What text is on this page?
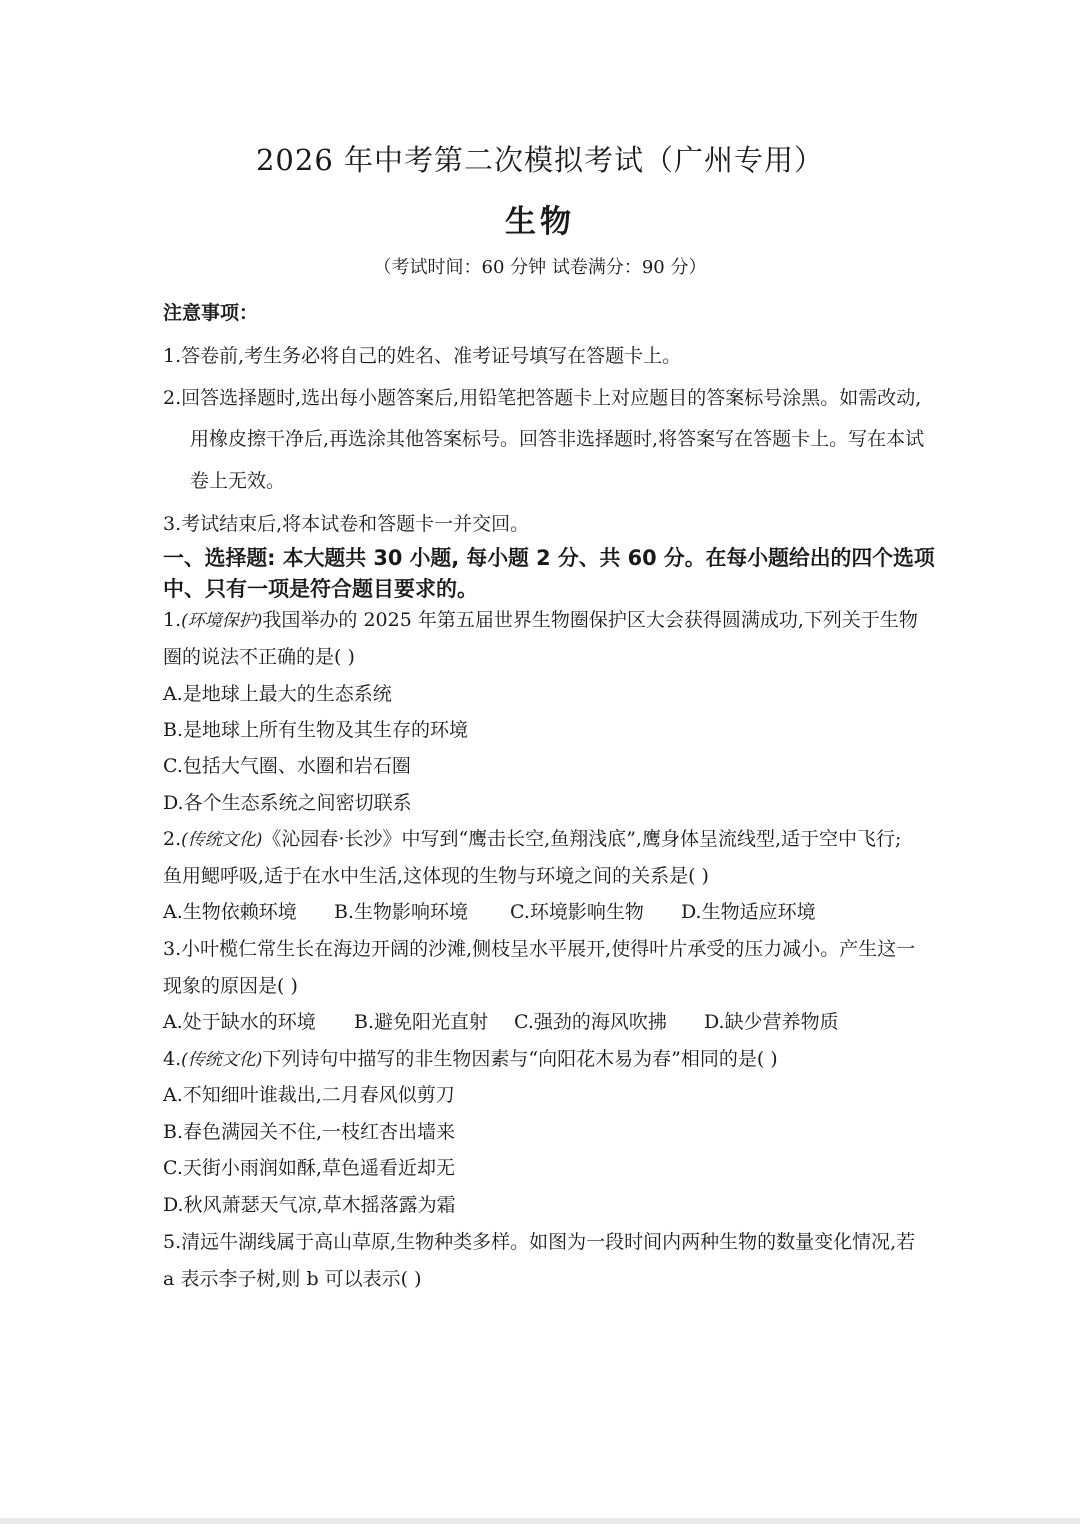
2026 年中考第二次模拟考试（广州专用）
生物
（考试时间：60 分钟 试卷满分：90 分）
注意事项：
1.答卷前,考生务必将自己的姓名、准考证号填写在答题卡上。
2.回答选择题时,选出每小题答案后,用铅笔把答题卡上对应题目的答案标号涂黑。如需改动,
用橡皮擦干净后,再选涂其他答案标号。回答非选择题时,将答案写在答题卡上。写在本试
卷上无效。
3.考试结束后,将本试卷和答题卡一并交回。
一、选择题: 本大题共 30 小题, 每小题 2 分、共 60 分。在每小题给出的四个选项
中、只有一项是符合题目要求的。
1.(环境保护)我国举办的 2025 年第五届世界生物圈保护区大会获得圆满成功,下列关于生物
圈的说法不正确的是( )
A.是地球上最大的生态系统
B.是地球上所有生物及其生存的环境
C.包括大气圈、水圈和岩石圈
D.各个生态系统之间密切联系
2.(传统文化)《沁园春·长沙》中写到“鹰击长空,鱼翔浅底”,鹰身体呈流线型,适于空中飞行;
鱼用鳃呼吸,适于在水中生活,这体现的生物与环境之间的关系是( )
A.生物依赖环境 B.生物影响环境 C.环境影响生物 D.生物适应环境
3.小叶榄仁常生长在海边开阔的沙滩,侧枝呈水平展开,使得叶片承受的压力减小。产生这一
现象的原因是( )
A.处于缺水的环境 B.避免阳光直射 C.强劲的海风吹拂 D.缺少营养物质
4.(传统文化)下列诗句中描写的非生物因素与“向阳花木易为春”相同的是( )
A.不知细叶谁裁出,二月春风似剪刀
B.春色满园关不住,一枝红杏出墙来
C.天街小雨润如酥,草色遥看近却无
D.秋风萧瑟天气凉,草木摇落露为霜
5.清远牛湖线属于高山草原,生物种类多样。如图为一段时间内两种生物的数量变化情况,若
a 表示李子树,则 b 可以表示( )
